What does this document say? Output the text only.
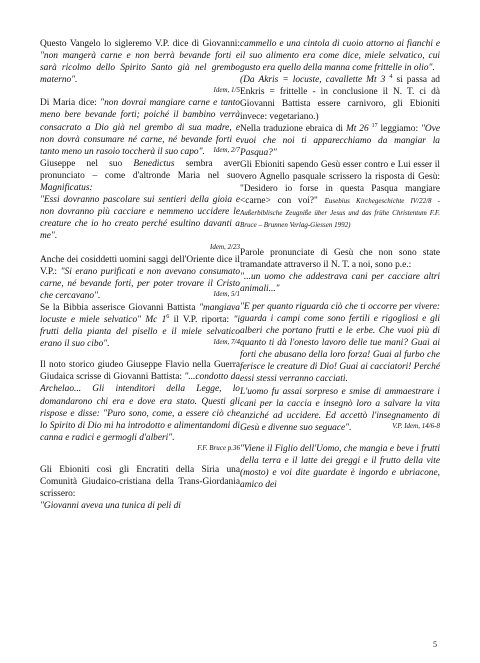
Questo Vangelo lo sigleremo V.P. dice di Giovanni: "non mangerà carne e non berrà bevande forti e sarà ricolmo dello Spirito Santo già nel grembo materno".

Idem, 1/5

Di Maria dice: "non dovrai mangiare carne e tanto meno bere bevande forti; poiché il bambino verrà consacrato a Dio già nel grembo di sua madre, e non dovrà consumare né carne, né bevande forti e tanto meno un rasoio toccherà il suo capo". Idem, 2/7

Giuseppe nel suo Benedictus sembra aver pronunciato – come d'altronde Maria nel suo Magnificatus:
"Essi dovranno pascolare sui sentieri della gioia e non dovranno più cacciare e nemmeno uccidere le creature che io ho creato perché esultino davanti a me".

Idem, 2/23

Anche dei cosiddetti uomini saggi dell'Oriente dice il V.P.: "Si erano purificati e non avevano consumato carne, né bevande forti, per poter trovare il Cristo che cercavano".	Idem, 5/1

Se la Bibbia asserisce Giovanni Battista "mangiava locuste e miele selvatico" Mc $1^6$ il V.P. riporta: "i frutti della pianta del pisello e il miele selvatico erano il suo cibo".	Idem, 7/4

Il noto storico giudeo Giuseppe Flavio nella Guerra Giudaica scrisse di Giovanni Battista: "...condotto da Archelao... Gli intenditori della Legge, lo domandarono chi era e dove era stato. Questi gli rispose e disse: "Puro sono, come, a essere ciò che lo Spirito di Dio mi ha introdotto e alimentandomi di canna e radici e germogli d'alberi".

F.F. Bruce p.36

Gli Ebioniti così gli Encratiti della Siria una Comunità Giudaico-cristiana della Trans-Giordania scrissero:
"Giovanni aveva una tunica di peli di

cammello e una cintola di cuoio attorno ai fianchi e il suo alimento era come dice, miele selvatico, cui gusto era quello della manna come frittelle in olio".
(Da Akris = locuste, cavallette Mt 3 $^4$ si passa ad Enkris = frittelle - in conclusione il N. T. ci dà Giovanni Battista essere carnivoro, gli Ebioniti invece: vegetariano.)

Nella traduzione ebraica di Mt 26 $^{17}$ leggiamo: "Ove vuoi che noi ti apparecchiamo da mangiar la Pasqua?"

Gli Ebioniti sapendo Gesù esser contro e Lui esser il vero Agnello pasquale scrissero la risposta di Gesù: "Desidero io forse in questa Pasqua mangiare <carne> con voi?" Eusebius Kirchegeschichte IV/22/8 - Außerbiblische Zeugniße über Jesus und das frühe Christentum F.F. Bruce – Brunnen Verlag-Giessen 1992)

Parole pronunciate di Gesù che non sono state tramandate attraverso il N. T. a noi, sono p.e.:
"...un uomo che addestrava cani per cacciare altri animali..."

"E per quanto riguarda ciò che ti occorre per vivere: guarda i campi come sono fertili e rigogliosi e gli alberi che portano frutti e le erbe. Che vuoi più di quanto ti dà l'onesto lavoro delle tue mani? Guai ai forti che abusano della loro forza! Guai al furbo che ferisce le creature di Dio! Guai ai cacciatori! Perché essi stessi verranno cacciati.
L'uomo fu assai sorpreso e smise di ammaestrare i cani per la caccia e insegnò loro a salvare la vita anziché ad uccidere. Ed accettò l'insegnamento di Gesù e divenne suo seguace".	V.P. Idem, 14/6-8

"Viene il Figlio dell'Uomo, che mangia e beve i frutti della terra e il latte dei greggi e il frutto della vite (mosto) e voi dite guardate è ingordo e ubriacone, amico dei

5
